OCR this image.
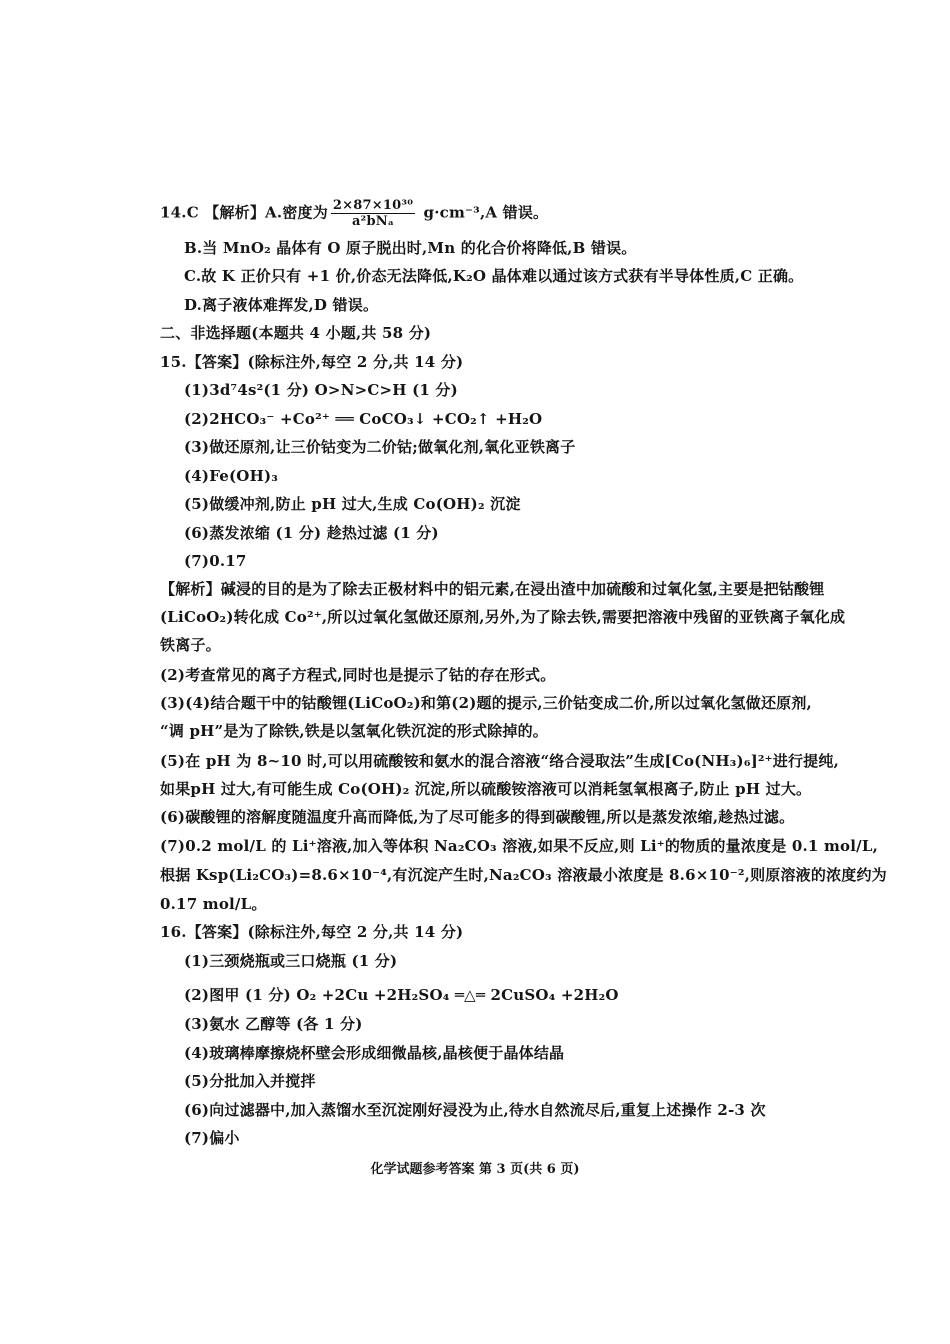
14.C 【解析】A.密度为 $\frac{\text{2×87×10³⁰}}{\text{a²bNₐ}} g\cdot cm^{-3},A$ 错误。
B.当 MnO₂ 晶体有 O 原子脱出时,Mn 的化合价将降低,B 错误。
C.故 K 正价只有 +1 价,价态无法降低,K₂O 晶体难以通过该方式获有半导体性质,C 正确。
D.离子液体难挥发,D 错误。
二、非选择题(本题共 4 小题,共 58 分)
15.【答案】(除标注外,每空 2 分,共 14 分)
(1)3d⁷4s²(1 分) O>N>C>H (1 分)
(2)2HCO₃⁻ +Co²⁺ ══ CoCO₃↓ +CO₂↑ +H₂O
(3)做还原剂,让三价钴变为二价钴;做氧化剂,氧化亚铁离子
(4)Fe(OH)₃
(5)做缓冲剂,防止 pH 过大,生成 Co(OH)₂ 沉淀
(6)蒸发浓缩 (1 分) 趁热过滤 (1 分)
(7)0.17
【解析】碱浸的目的是为了除去正极材料中的铝元素,在浸出渣中加硫酸和过氧化氢,主要是把钴酸锂
(LiCoO₂)转化成 Co²⁺,所以过氧化氢做还原剂,另外,为了除去铁,需要把溶液中残留的亚铁离子氧化成
铁离子。
(2)考查常见的离子方程式,同时也是提示了钴的存在形式。
(3)(4)结合题干中的钴酸锂(LiCoO₂)和第(2)题的提示,三价钴变成二价,所以过氧化氢做还原剂,
“调 pH”是为了除铁,铁是以氢氧化铁沉淀的形式除掉的。
(5)在 pH 为 8~10 时,可以用硫酸铵和氨水的混合溶液“络合浸取法”生成[Co(NH₃)₆]²⁺进行提纯,
如果pH 过大,有可能生成 Co(OH)₂ 沉淀,所以硫酸铵溶液可以消耗氢氧根离子,防止 pH 过大。
(6)碳酸锂的溶解度随温度升高而降低,为了尽可能多的得到碳酸锂,所以是蒸发浓缩,趁热过滤。
(7)0.2 mol/L 的 Li⁺溶液,加入等体积 Na₂CO₃ 溶液,如果不反应,则 Li⁺的物质的量浓度是 0.1 mol/L,
根据 Ksp(Li₂CO₃)=8.6×10⁻⁴,有沉淀产生时,Na₂CO₃ 溶液最小浓度是 8.6×10⁻²,则原溶液的浓度约为
0.17 mol/L。
16.【答案】(除标注外,每空 2 分,共 14 分)
(1)三颈烧瓶或三口烧瓶 (1 分)
(2)图甲 (1 分) O₂ +2Cu +2H₂SO₄ ═△═ 2CuSO₄ +2H₂O
(3)氨水 乙醇等 (各 1 分)
(4)玻璃棒摩擦烧杯壁会形成细微晶核,晶核便于晶体结晶
(5)分批加入并搅拌
(6)向过滤器中,加入蒸馏水至沉淀刚好浸没为止,待水自然流尽后,重复上述操作 2-3 次
(7)偏小
化学试题参考答案 第 3 页(共 6 页)
